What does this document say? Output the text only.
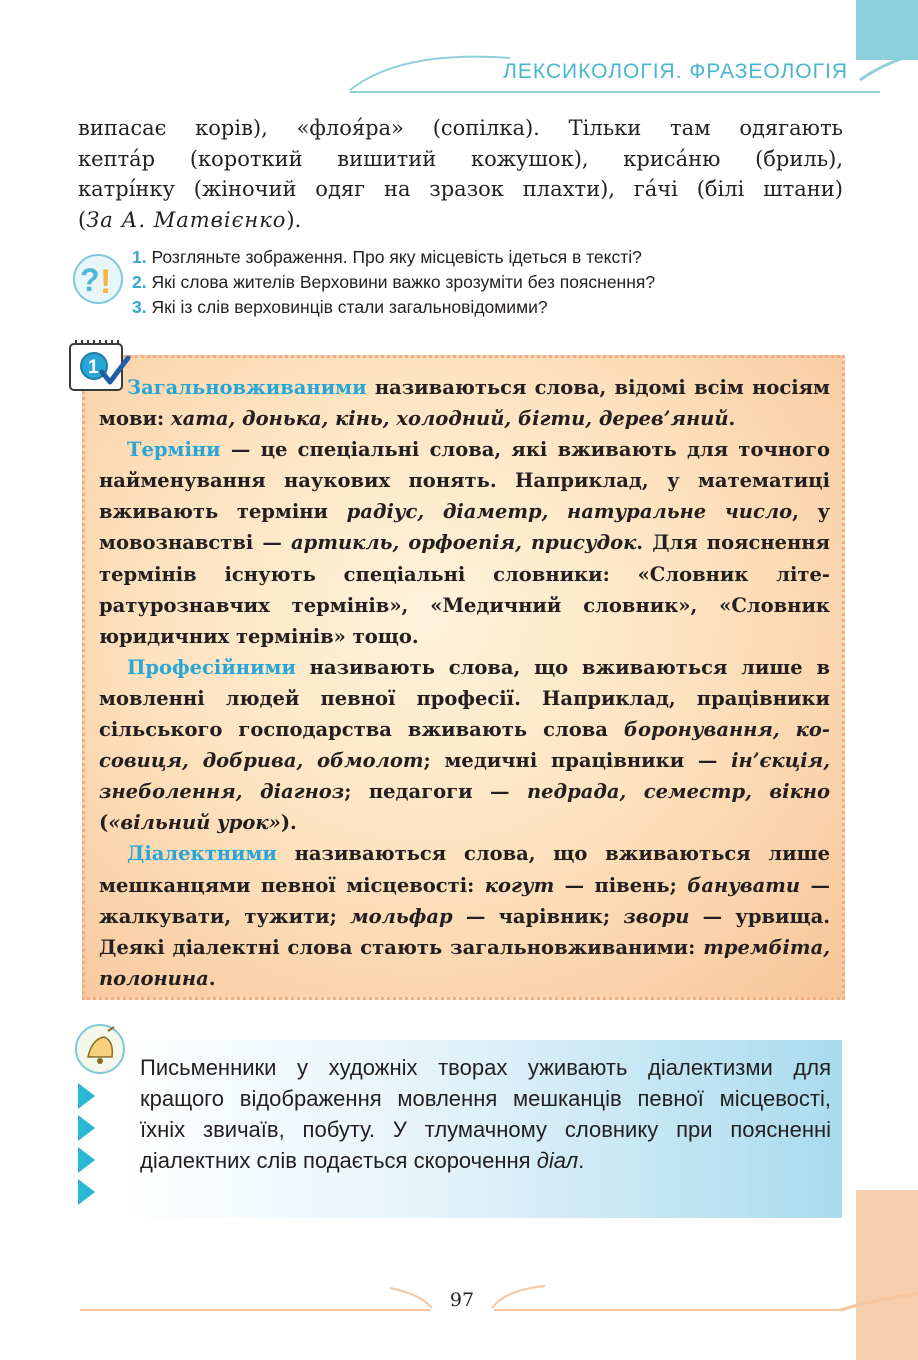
ЛЕКСИКОЛОГІЯ. ФРАЗЕОЛОГІЯ
випасає корів), «флоя́ра» (сопілка). Тільки там одягають
кепта́р (короткий вишитий кожушок), криса́ню (бриль),
катрі́нку (жіночий одяг на зразок плахти), га́чі (білі штани)
(За А. Матвієнко).
? !
1. Розгляньте зображення. Про яку місцевість ідеться в тексті?
2. Які слова жителів Верховини важко зрозуміти без пояснення?
3. Які із слів верховинців стали загальновідомими?
1

Загальновживаними називаються слова, відомі всім носіям мови: хата, донька, кінь, холодний, бігти, дерев’яний.

Терміни — це спеціальні слова, які вживають для точного найменування наукових понять. Наприклад, у математиці вживають терміни радіус, діаметр, натуральне число, у мовознавстві — артикль, орфоепія, присудок. Для пояснення термінів існують спеціальні словники: «Словник літературознавчих термінів», «Медичний словник», «Словник юридичних термінів» тощо.

Професійними називають слова, що вживаються лише в мовленні людей певної професії. Наприклад, працівники сільського господарства вживають слова боронування, косовиця, добрива, обмолот; медичні працівники — ін’єкція, знеболення, діагноз; педагоги — педрада, семестр, вікно («вільний урок»).

Діалектними називаються слова, що вживаються лише мешканцями певної місцевості: когут — півень; банувати — жалкувати, тужити; мольфар — чарівник; звори — урвища. Деякі діалектні слова стають загальновживаними: трембіта, полонина.

Письменники у художніх творах уживають діалектизми для кращого відображення мовлення мешканців певної місцевості, їхніх звичаїв, побуту. У тлумачному словнику при поясненні діалектних слів подається скорочення діал.
97
